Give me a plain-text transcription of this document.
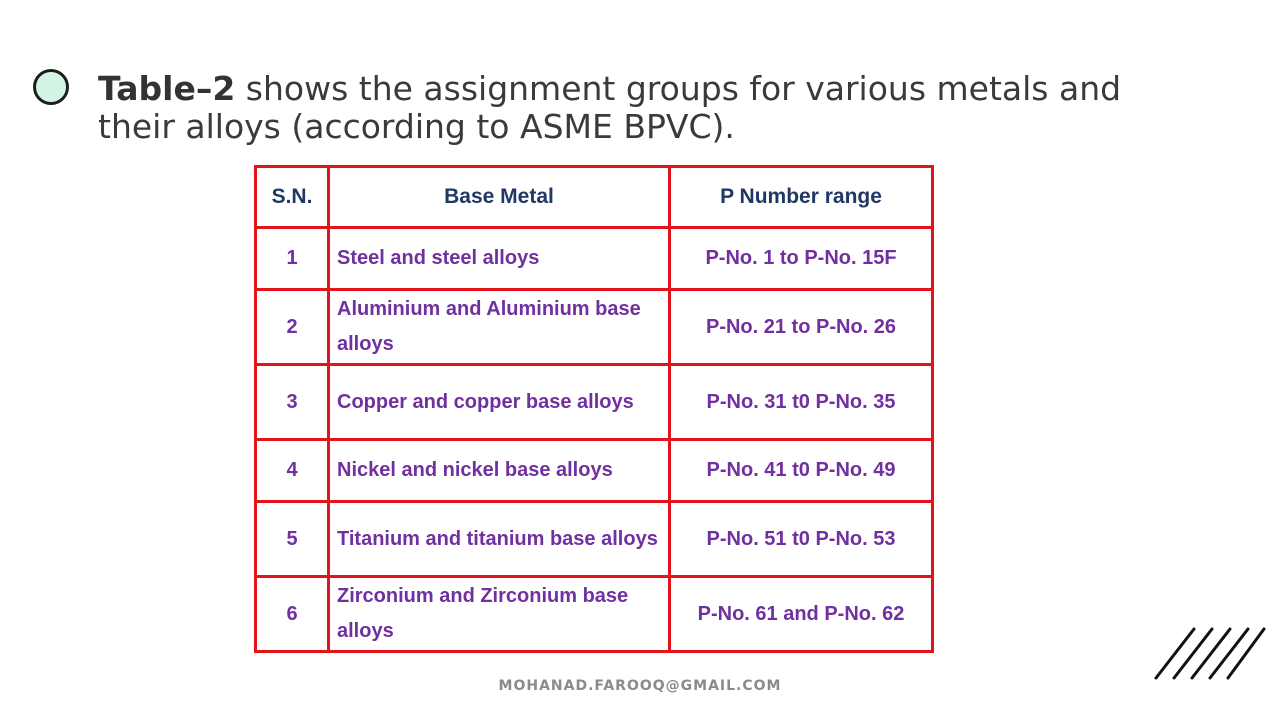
Table–2 shows the assignment groups for various metals and their alloys (according to ASME BPVC).

S.N.	Base Metal	P Number range
1	Steel and steel alloys	P-No. 1 to P-No. 15F
2	Aluminium and Aluminium base alloys	P-No. 21 to P-No. 26
3	Copper and copper base alloys	P-No. 31 t0 P-No. 35
4	Nickel and nickel base alloys	P-No. 41 t0 P-No. 49
5	Titanium and titanium base alloys	P-No. 51 t0 P-No. 53
6	Zirconium and Zirconium base alloys	P-No. 61 and P-No. 62
MOHANAD.FAROOQ@GMAIL.COM
